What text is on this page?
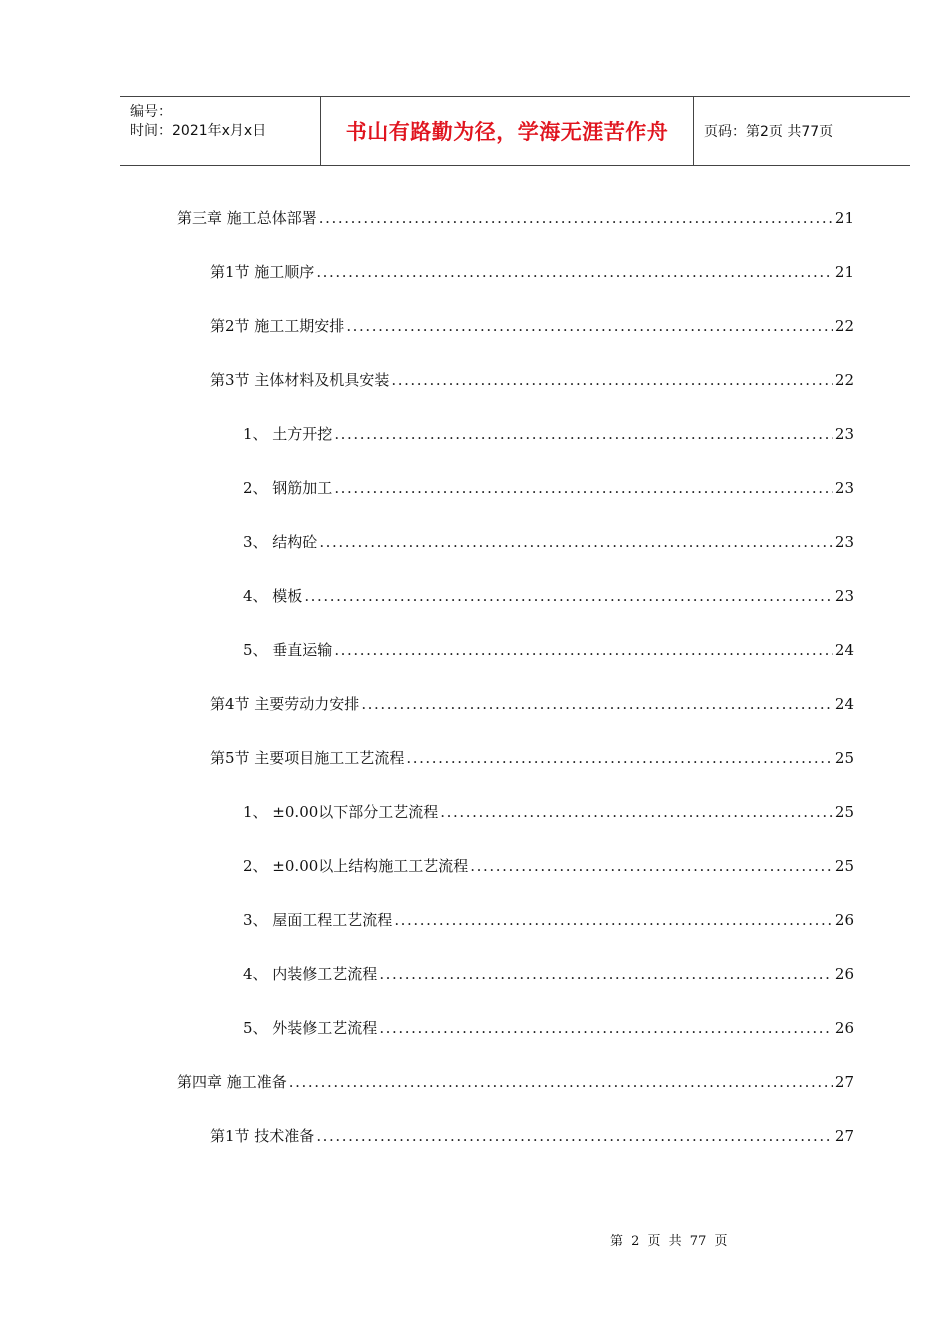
编号：
时间：2021年x月x日	书山有路勤为径，学海无涯苦作舟	页码：第2页 共77页
第三章 施工总体部署 .....	21
第1节 施工顺序 .....	21
第2节 施工工期安排 .....	22
第3节 主体材料及机具安装 .....	22
1、 土方开挖 .....	23
2、 钢筋加工 .....	23
3、 结构砼 .....	23
4、 模板 .....	23
5、 垂直运输 .....	24
第4节 主要劳动力安排 .....	24
第5节 主要项目施工工艺流程 .....	25
1、 ±0.00以下部分工艺流程 .....	25
2、 ±0.00以上结构施工工艺流程 .....	25
3、 屋面工程工艺流程 .....	26
4、 内装修工艺流程 .....	26
5、 外装修工艺流程 .....	26
第四章 施工准备 .....	27
第1节 技术准备 .....	27
第 2 页 共 77 页
